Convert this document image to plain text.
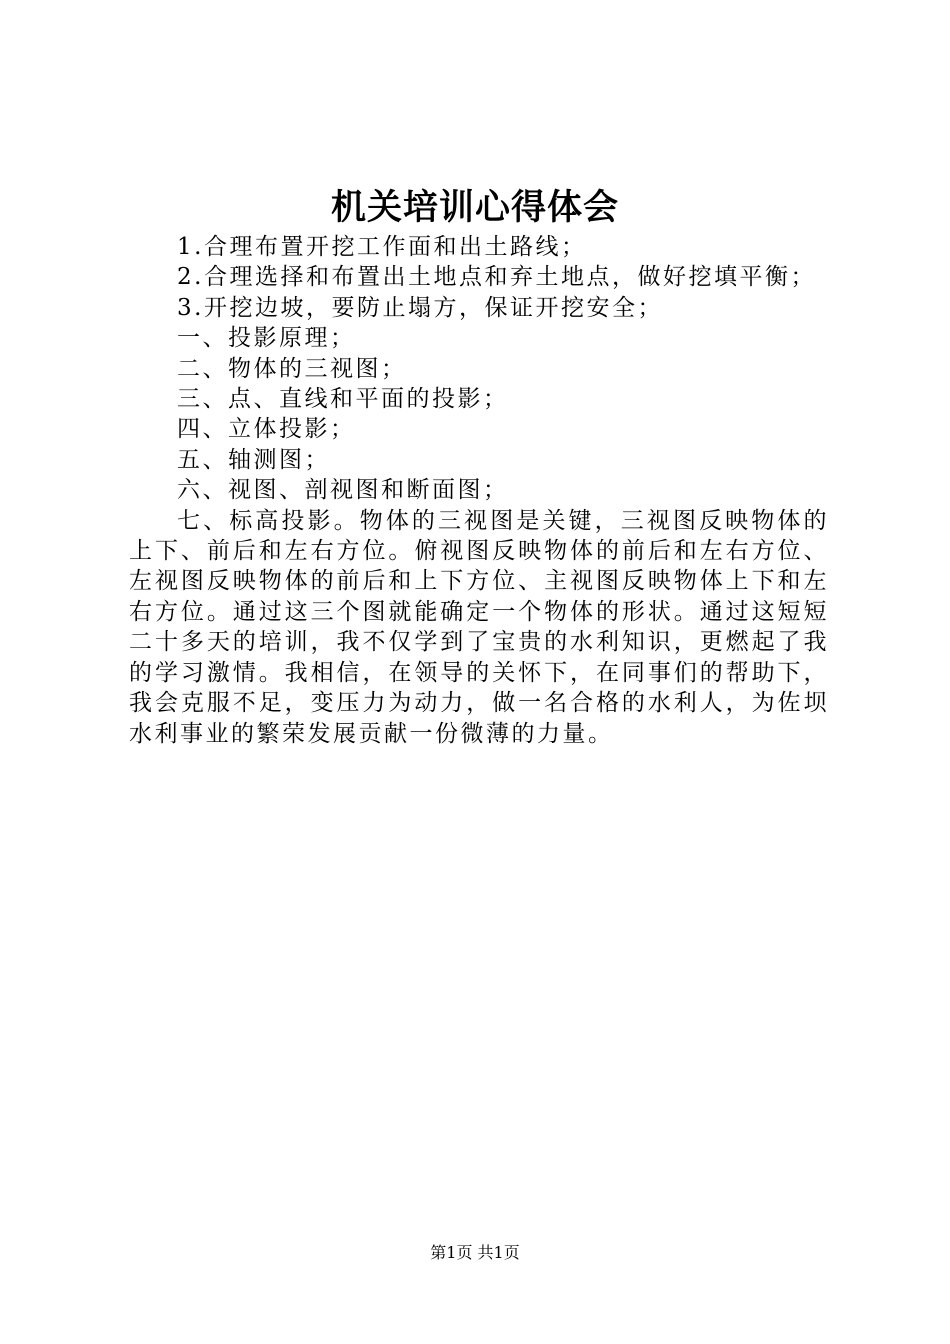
机关培训心得体会

1.合理布置开挖工作面和出土路线；

2.合理选择和布置出土地点和弃土地点，做好挖填平衡；

3.开挖边坡，要防止塌方，保证开挖安全；

一、投影原理；

二、物体的三视图；

三、点、直线和平面的投影；

四、立体投影；

五、轴测图；

六、视图、剖视图和断面图；

七、标高投影。物体的三视图是关键，三视图反映物体的上下、前后和左右方位。俯视图反映物体的前后和左右方位、左视图反映物体的前后和上下方位、主视图反映物体上下和左右方位。通过这三个图就能确定一个物体的形状。通过这短短二十多天的培训，我不仅学到了宝贵的水利知识，更燃起了我的学习激情。我相信，在领导的关怀下，在同事们的帮助下，我会克服不足，变压力为动力，做一名合格的水利人，为佐坝水利事业的繁荣发展贡献一份微薄的力量。

第1页 共1页
